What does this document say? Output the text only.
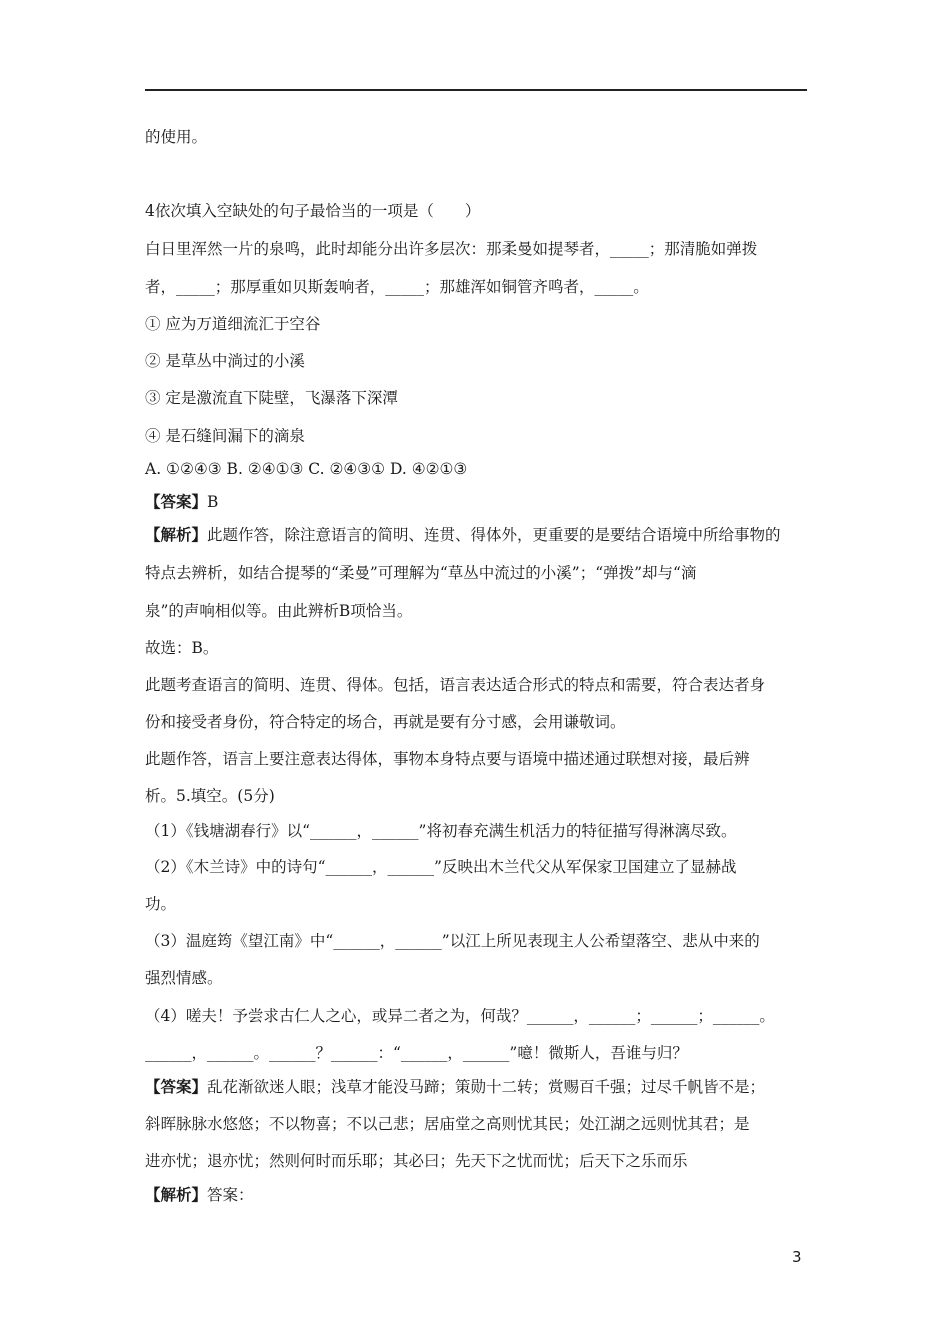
的使用。
4依次填入空缺处的句子最恰当的一项是（　　）
白日里浑然一片的泉鸣，此时却能分出许多层次：那柔曼如提琴者，_____；那清脆如弹拨
者，_____；那厚重如贝斯轰响者，_____；那雄浑如铜管齐鸣者，_____。
① 应为万道细流汇于空谷
② 是草丛中淌过的小溪
③ 定是激流直下陡壁，飞瀑落下深潭
④ 是石缝间漏下的滴泉
A. ①②④③ B. ②④①③ C. ②④③① D. ④②①③
【答案】B
【解析】此题作答，除注意语言的简明、连贯、得体外，更重要的是要结合语境中所给事物的
特点去辨析，如结合提琴的“柔曼”可理解为“草丛中流过的小溪”；“弹拨”却与“滴
泉”的声响相似等。由此辨析B项恰当。
故选：B。
此题考查语言的简明、连贯、得体。包括，语言表达适合形式的特点和需要，符合表达者身
份和接受者身份，符合特定的场合，再就是要有分寸感，会用谦敬词。
此题作答，语言上要注意表达得体，事物本身特点要与语境中描述通过联想对接，最后辨
析。5.填空。(5分)
（1）《钱塘湖春行》以“______，______”将初春充满生机活力的特征描写得淋漓尽致。
（2）《木兰诗》中的诗句“______，______”反映出木兰代父从军保家卫国建立了显赫战
功。
（3）温庭筠《望江南》中“______，______”以江上所见表现主人公希望落空、悲从中来的
强烈情感。
（4）嗟夫！予尝求古仁人之心，或异二者之为，何哉？______，______；______；______。
______，______。______？______：“______，______”噫！微斯人，吾谁与归？
【答案】乱花渐欲迷人眼；浅草才能没马蹄；策勋十二转；赏赐百千强；过尽千帆皆不是；
斜晖脉脉水悠悠；不以物喜；不以己悲；居庙堂之高则忧其民；处江湖之远则忧其君；是
进亦忧；退亦忧；然则何时而乐耶；其必曰；先天下之忧而忧；后天下之乐而乐
【解析】答案：
3
